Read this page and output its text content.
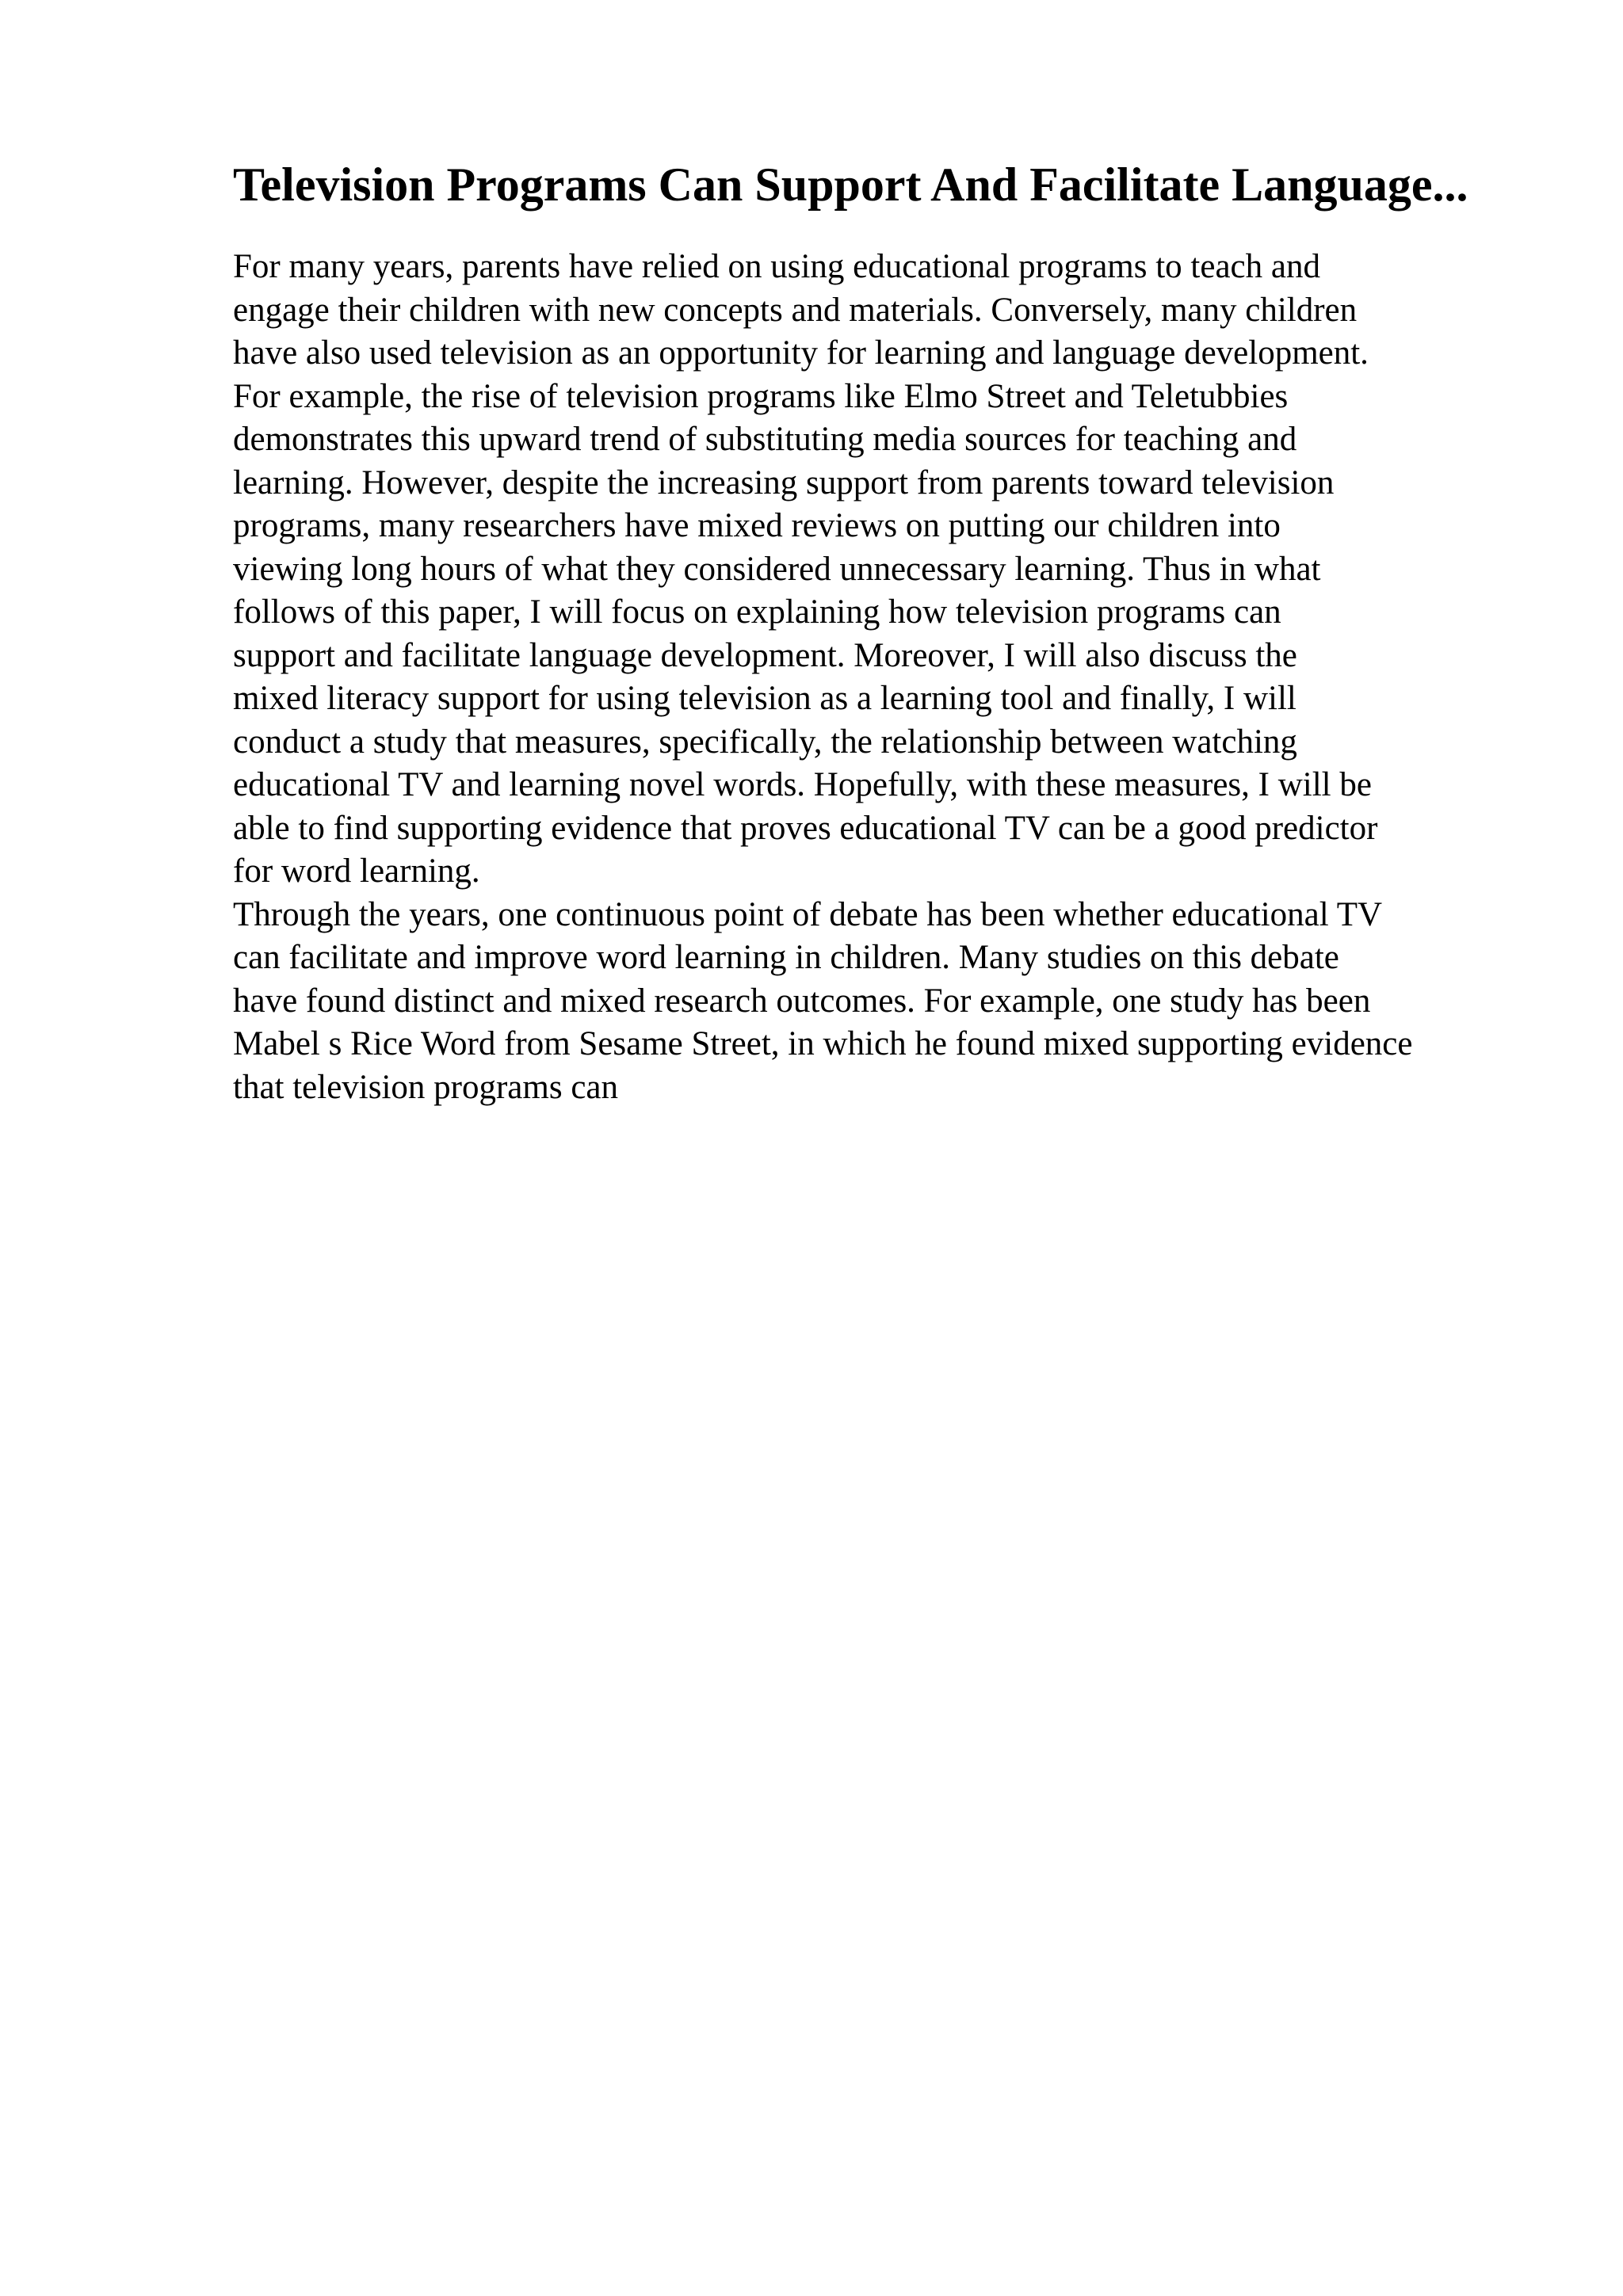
Television Programs Can Support And Facilitate Language...
For many years, parents have relied on using educational programs to teach and
engage their children with new concepts and materials. Conversely, many children
have also used television as an opportunity for learning and language development.
For example, the rise of television programs like Elmo Street and Teletubbies
demonstrates this upward trend of substituting media sources for teaching and
learning. However, despite the increasing support from parents toward television
programs, many researchers have mixed reviews on putting our children into
viewing long hours of what they considered unnecessary learning. Thus in what
follows of this paper, I will focus on explaining how television programs can
support and facilitate language development. Moreover, I will also discuss the
mixed literacy support for using television as a learning tool and finally, I will
conduct a study that measures, specifically, the relationship between watching
educational TV and learning novel words. Hopefully, with these measures, I will be
able to find supporting evidence that proves educational TV can be a good predictor
for word learning.
Through the years, one continuous point of debate has been whether educational TV
can facilitate and improve word learning in children. Many studies on this debate
have found distinct and mixed research outcomes. For example, one study has been
Mabel s Rice Word from Sesame Street, in which he found mixed supporting evidence
that television programs can
